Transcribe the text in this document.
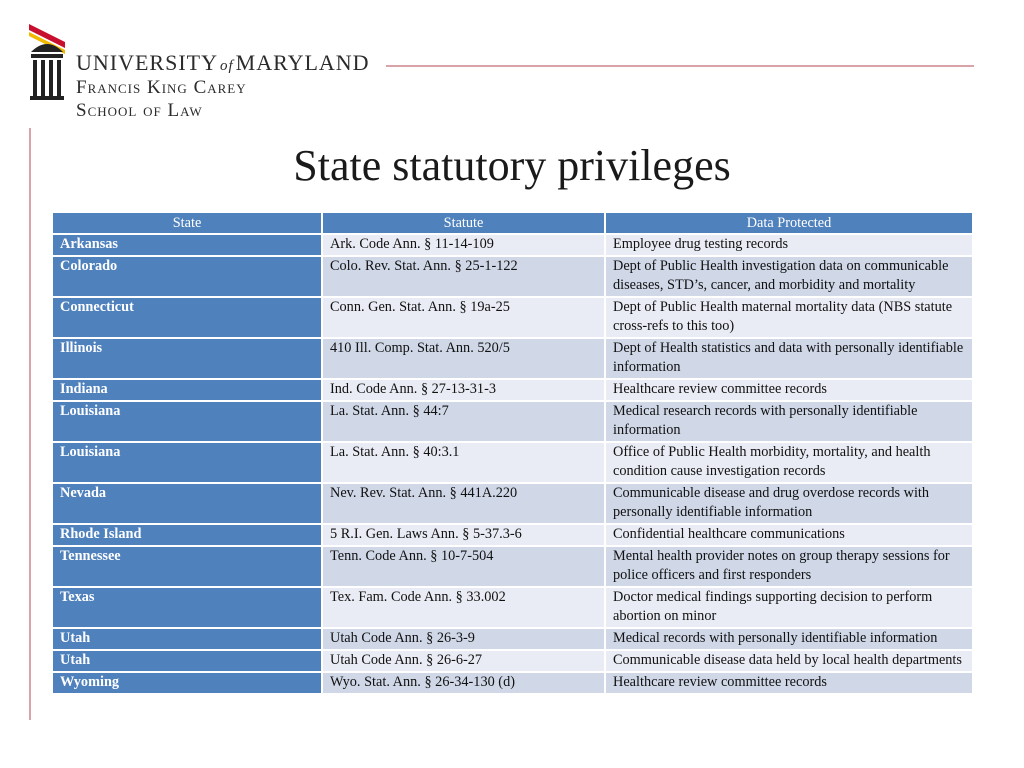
UNIVERSITY of MARYLAND
Francis King Carey
School of Law
State statutory privileges
State	Statute	Data Protected
Arkansas	Ark. Code Ann. § 11-14-109	Employee drug testing records
Colorado	Colo. Rev. Stat. Ann. § 25-1-122	Dept of Public Health investigation data on communicable diseases, STD’s, cancer, and morbidity and mortality
Connecticut	Conn. Gen. Stat. Ann. § 19a-25	Dept of Public Health maternal mortality data (NBS statute cross-refs to this too)
Illinois	410 Ill. Comp. Stat. Ann. 520/5	Dept of Health statistics and data with personally identifiable information
Indiana	Ind. Code Ann. § 27-13-31-3	Healthcare review committee records
Louisiana	La. Stat. Ann. § 44:7	Medical research records with personally identifiable information
Louisiana	La. Stat. Ann. § 40:3.1	Office of Public Health morbidity, mortality, and health condition cause investigation records
Nevada	Nev. Rev. Stat. Ann. § 441A.220	Communicable disease and drug overdose records with personally identifiable information
Rhode Island	5 R.I. Gen. Laws Ann. § 5-37.3-6	Confidential healthcare communications
Tennessee	Tenn. Code Ann. § 10-7-504	Mental health provider notes on group therapy sessions for police officers and first responders
Texas	Tex. Fam. Code Ann. § 33.002	Doctor medical findings supporting decision to perform abortion on minor
Utah	Utah Code Ann. § 26-3-9	Medical records with personally identifiable information
Utah	Utah Code Ann. § 26-6-27	Communicable disease data held by local health departments
Wyoming	Wyo. Stat. Ann. § 26-34-130 (d)	Healthcare review committee records
